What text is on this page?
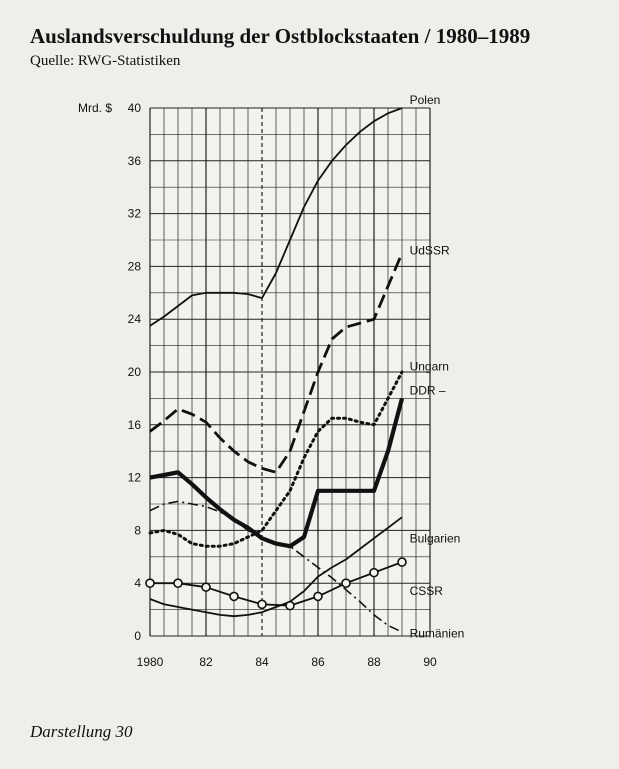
Auslandsverschuldung der Ostblockstaaten / 1980–1989
Quelle: RWG-Statistiken
0
4
8
12
16
20
24
28
32
36
40
Mrd. $
1980	82	84	86	88	90
Polen
UdSSR
Ungarn
DDR –
Bulgarien
CSSR
Rumänien
Darstellung 30
